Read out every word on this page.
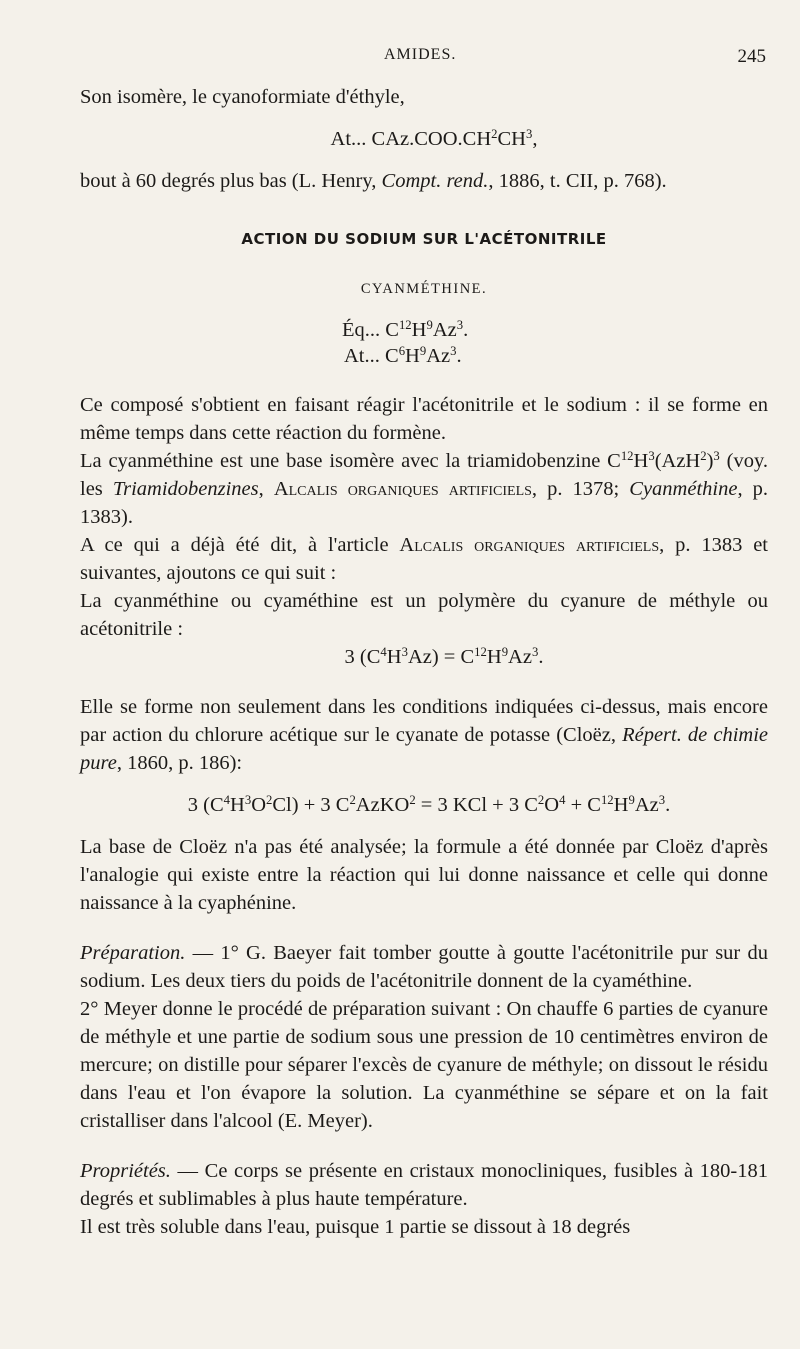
AMIDES.	245

Son isomère, le cyanoformiate d'éthyle,

At... $CAz.COO.CH^2CH^3$,

bout à 60 degrés plus bas (L. Henry, Compt. rend., 1886, t. CII, p. 768).

ACTION DU SODIUM SUR L'ACÉTONITRILE

CYANMÉTHINE.

Éq... $C^{12}H^9Az^3$.
At... $C^6H^9Az^3$.

Ce composé s'obtient en faisant réagir l'acétonitrile et le sodium : il se forme en même temps dans cette réaction du formène.

La cyanméthine est une base isomère avec la triamidobenzine $C^{12}H^3(AzH^2)^3$ (voy. les Triamidobenzines, Alcalis organiques artificiels, p. 1378; Cyanméthine, p. 1383).

A ce qui a déjà été dit, à l'article Alcalis organiques artificiels, p. 1383 et suivantes, ajoutons ce qui suit :

La cyanméthine ou cyaméthine est un polymère du cyanure de méthyle ou acétonitrile :

3 $(C^4H^3Az) = C^{12}H^9Az^3$.

Elle se forme non seulement dans les conditions indiquées ci-dessus, mais encore par action du chlorure acétique sur le cyanate de potasse (Cloëz, Répert. de chimie pure, 1860, p. 186):

3 $(C^4H^3O^2Cl) + 3$ $C^2AzKO^2 = 3$ KCl + 3 $C^2O^4 + C^{12}H^9Az^3$.

La base de Cloëz n'a pas été analysée; la formule a été donnée par Cloëz d'après l'analogie qui existe entre la réaction qui lui donne naissance et celle qui donne naissance à la cyaphénine.

Préparation. — 1° G. Baeyer fait tomber goutte à goutte l'acétonitrile pur sur du sodium. Les deux tiers du poids de l'acétonitrile donnent de la cyaméthine.

2° Meyer donne le procédé de préparation suivant : On chauffe 6 parties de cyanure de méthyle et une partie de sodium sous une pression de 10 centimètres environ de mercure; on distille pour séparer l'excès de cyanure de méthyle; on dissout le résidu dans l'eau et l'on évapore la solution. La cyanméthine se sépare et on la fait cristalliser dans l'alcool (E. Meyer).

Propriétés. — Ce corps se présente en cristaux monocliniques, fusibles à 180-181 degrés et sublimables à plus haute température.

Il est très soluble dans l'eau, puisque 1 partie se dissout à 18 degrés
